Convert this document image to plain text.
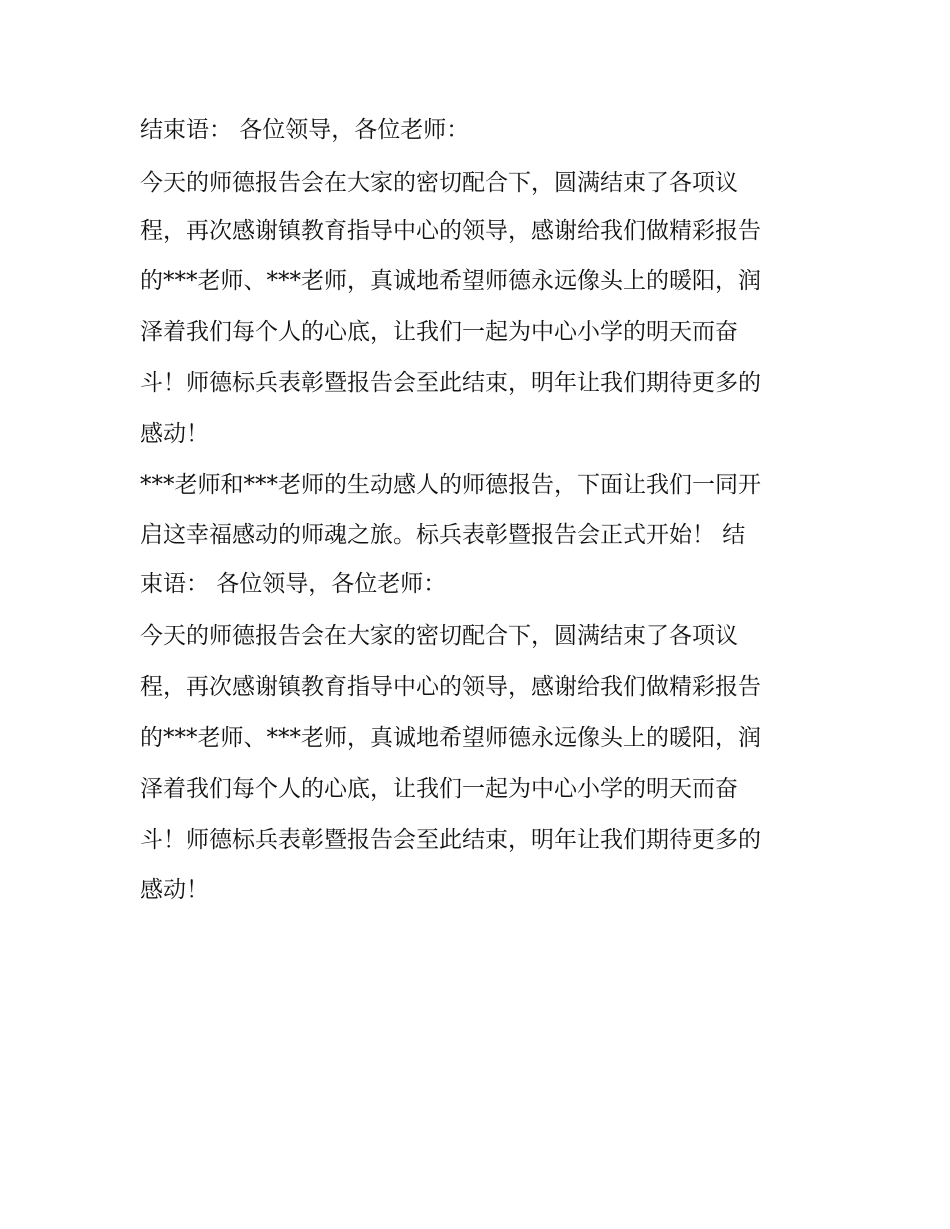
结束语： 各位领导，各位老师：

今天的师德报告会在大家的密切配合下，圆满结束了各项议

程，再次感谢镇教育指导中心的领导，感谢给我们做精彩报告

的***老师、***老师，真诚地希望师德永远像头上的暖阳，润

泽着我们每个人的心底，让我们一起为中心小学的明天而奋

斗！师德标兵表彰暨报告会至此结束，明年让我们期待更多的

感动！

***老师和***老师的生动感人的师德报告，下面让我们一同开

启这幸福感动的师魂之旅。标兵表彰暨报告会正式开始！ 结

束语： 各位领导，各位老师：

今天的师德报告会在大家的密切配合下，圆满结束了各项议

程，再次感谢镇教育指导中心的领导，感谢给我们做精彩报告

的***老师、***老师，真诚地希望师德永远像头上的暖阳，润

泽着我们每个人的心底，让我们一起为中心小学的明天而奋

斗！师德标兵表彰暨报告会至此结束，明年让我们期待更多的

感动！
